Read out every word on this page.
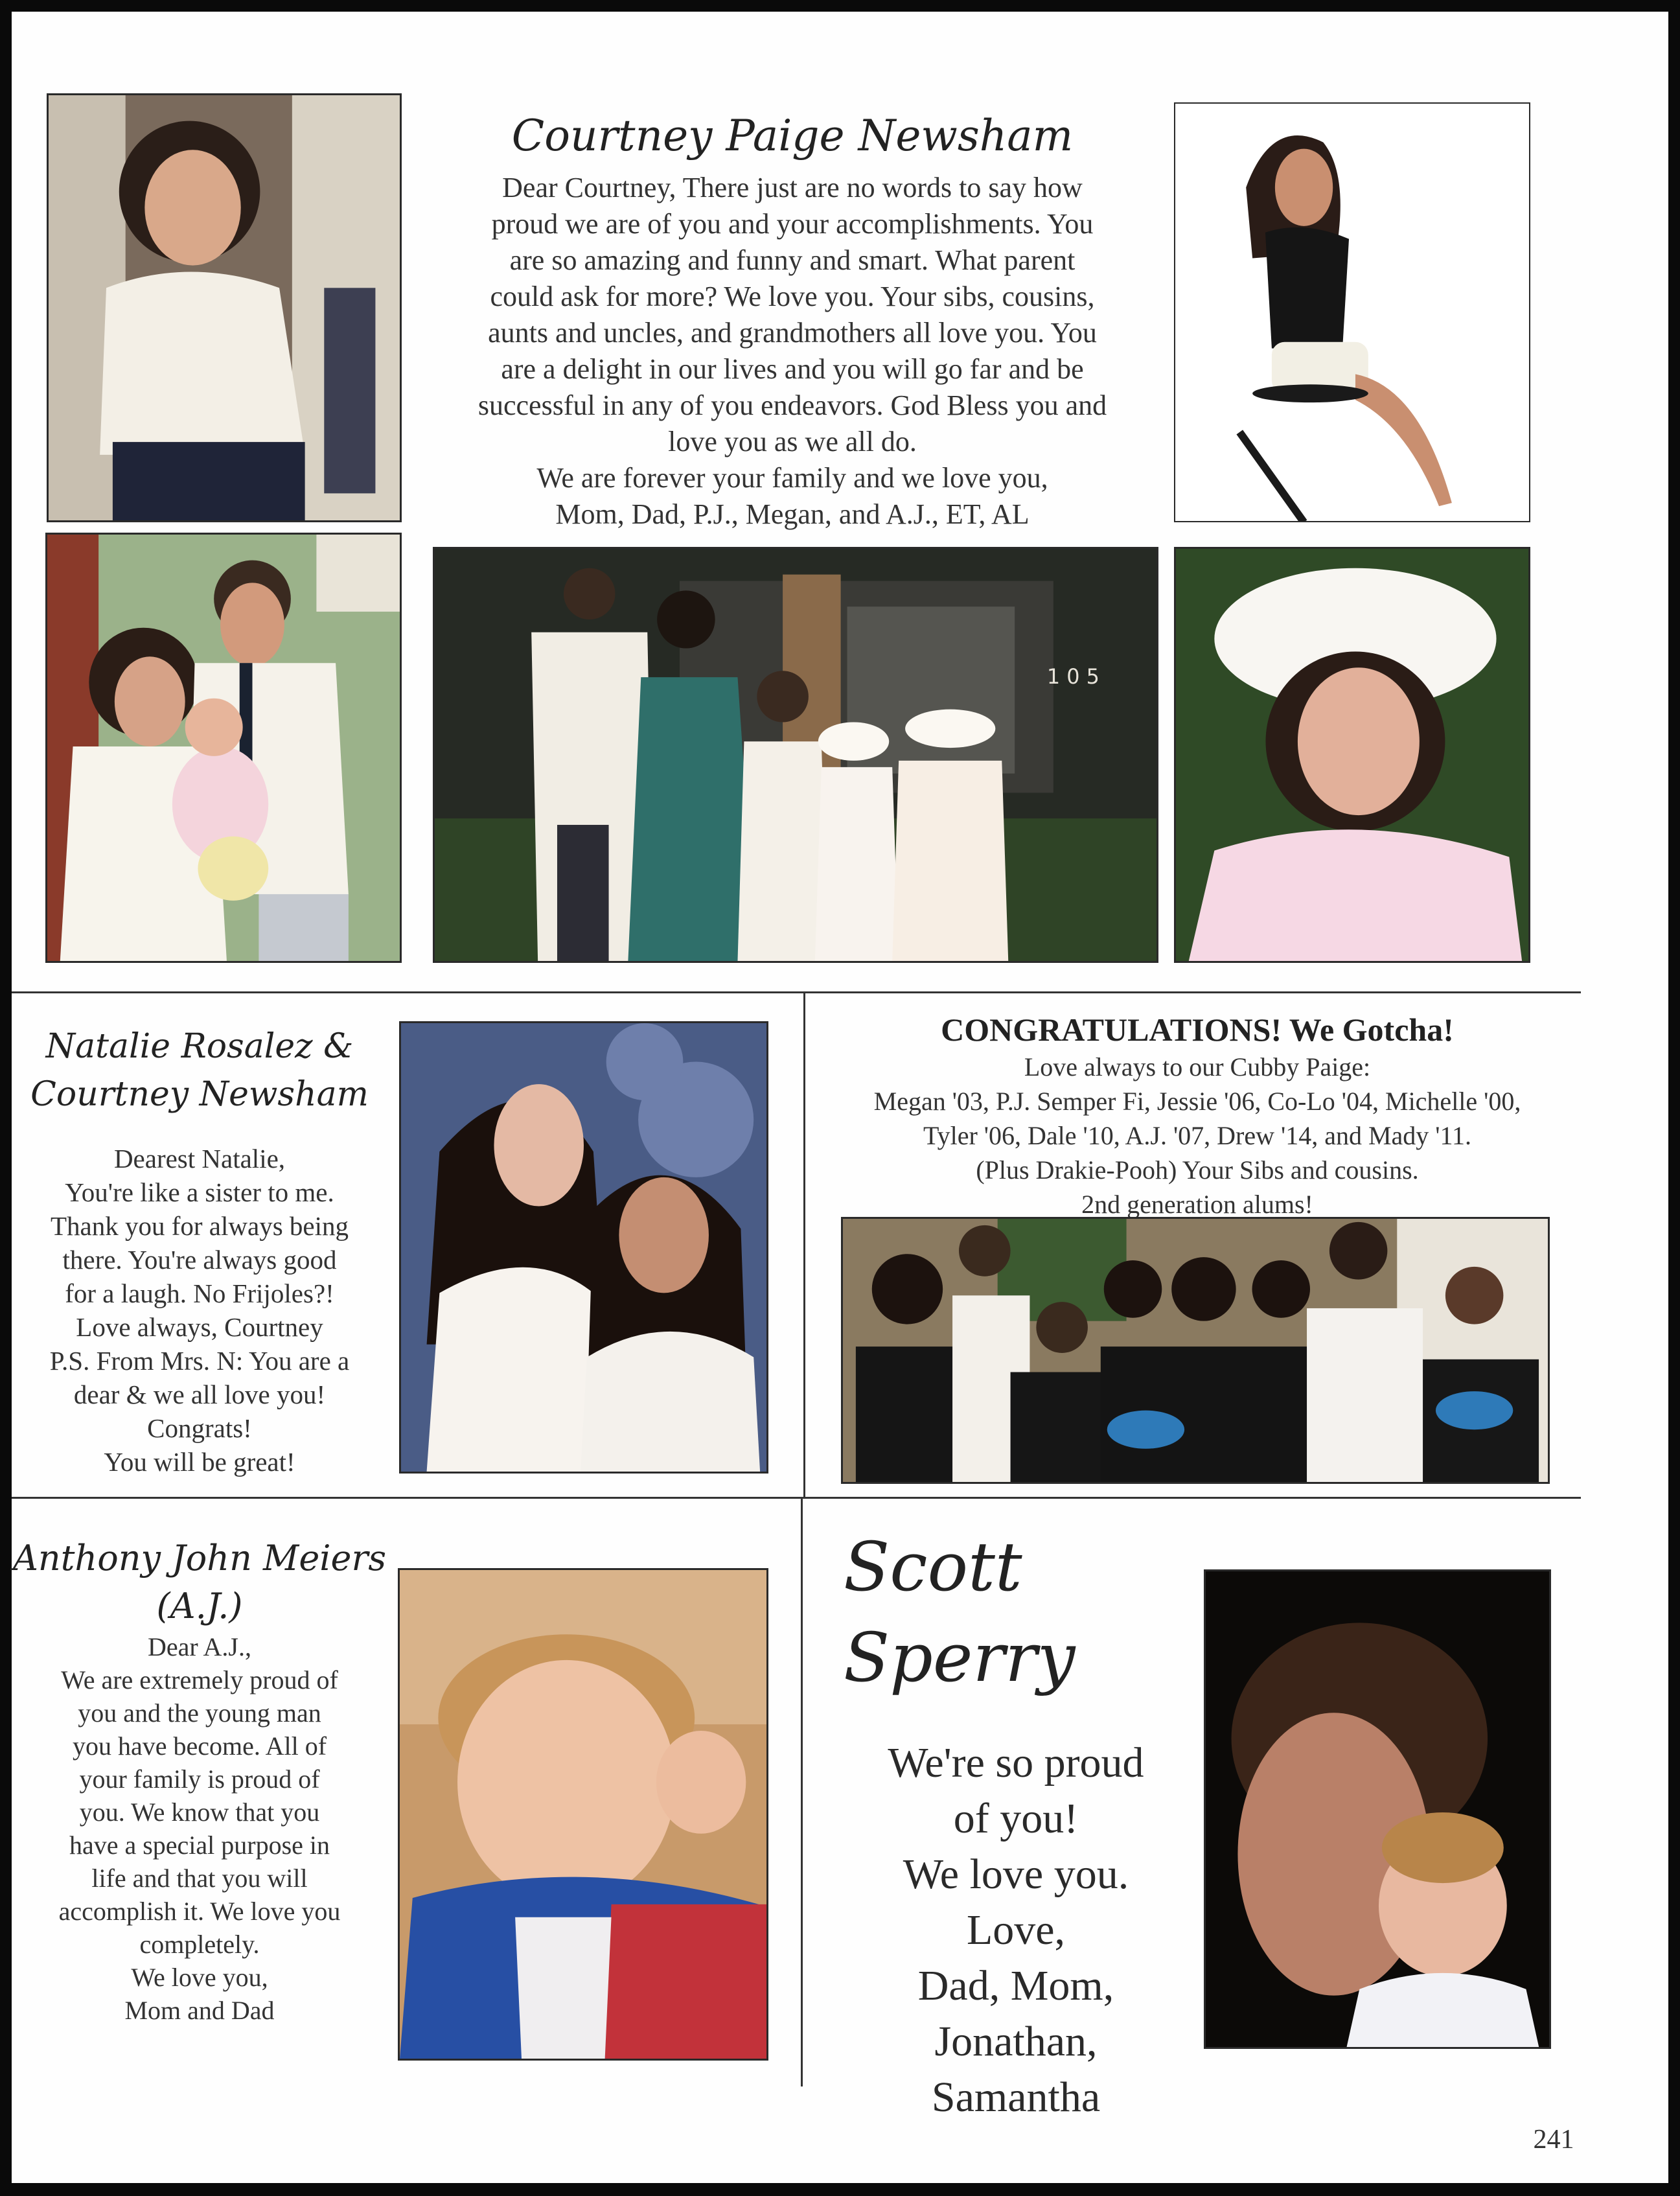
Courtney Paige Newsham

Dear Courtney, There just are no words to say how
proud we are of you and your accomplishments. You
are so amazing and funny and smart. What parent
could ask for more? We love you. Your sibs, cousins,
aunts and uncles, and grandmothers all love you. You
are a delight in our lives and you will go far and be
successful in any of you endeavors. God Bless you and
love you as we all do.
We are forever your family and we love you,
Mom, Dad, P.J., Megan, and A.J., ET, AL

1 0 5

Natalie Rosalez &
Courtney Newsham

Dearest Natalie,
You're like a sister to me.
Thank you for always being
there. You're always good
for a laugh. No Frijoles?!
Love always, Courtney
P.S. From Mrs. N: You are a
dear & we all love you!
Congrats!
You will be great!

CONGRATULATIONS! We Gotcha!

Love always to our Cubby Paige:
Megan '03, P.J. Semper Fi, Jessie '06, Co-Lo '04, Michelle '00,
Tyler '06, Dale '10, A.J. '07, Drew '14, and Mady '11.
(Plus Drakie-Pooh) Your Sibs and cousins.
2nd generation alums!

Anthony John Meiers
(A.J.)

Dear A.J.,
We are extremely proud of
you and the young man
you have become. All of
your family is proud of
you. We know that you
have a special purpose in
life and that you will
accomplish it. We love you
completely.
We love you,
Mom and Dad

Scott Sperry

We're so proud
of you!
We love you.
Love,
Dad, Mom,
Jonathan,
Samantha

241
